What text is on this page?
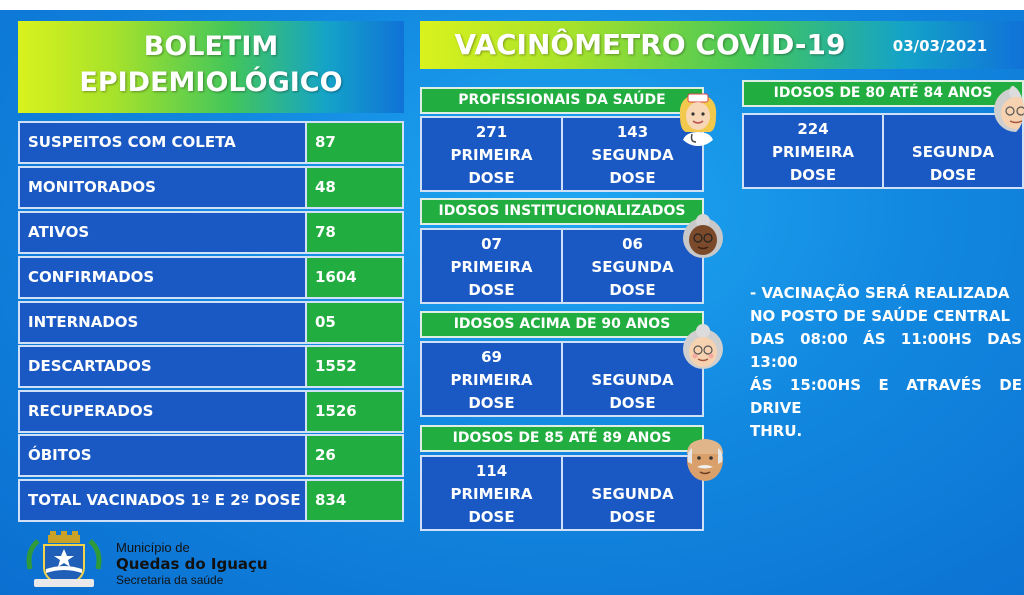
BOLETIM
EPIDEMIOLÓGICO
SUSPEITOS COM COLETA	87
MONITORADOS	48
ATIVOS	78
CONFIRMADOS	1604
INTERNADOS	05
DESCARTADOS	1552
RECUPERADOS	1526
ÓBITOS	26
TOTAL VACINADOS 1º E 2º DOSE 834
Município de
Quedas do Iguaçu
Secretaria da saúde
VACINÔMETRO COVID-19	03/03/2021
PROFISSIONAIS DA SAÚDE
271
PRIMEIRA
DOSE
143
SEGUNDA
DOSE
IDOSOS INSTITUCIONALIZADOS
07
PRIMEIRA
DOSE
06
SEGUNDA
DOSE
IDOSOS ACIMA DE 90 ANOS
69
PRIMEIRA
DOSE
SEGUNDA
DOSE
IDOSOS DE 85 ATÉ 89 ANOS
114
PRIMEIRA
DOSE
SEGUNDA
DOSE
IDOSOS DE 80 ATÉ 84 ANOS
224
PRIMEIRA
DOSE
SEGUNDA
DOSE
- VACINAÇÃO SERÁ REALIZADA
NO POSTO DE SAÚDE CENTRAL
DAS 08:00 ÁS 11:00HS DAS 13:00
ÁS 15:00HS E ATRAVÉS DE DRIVE
THRU.
